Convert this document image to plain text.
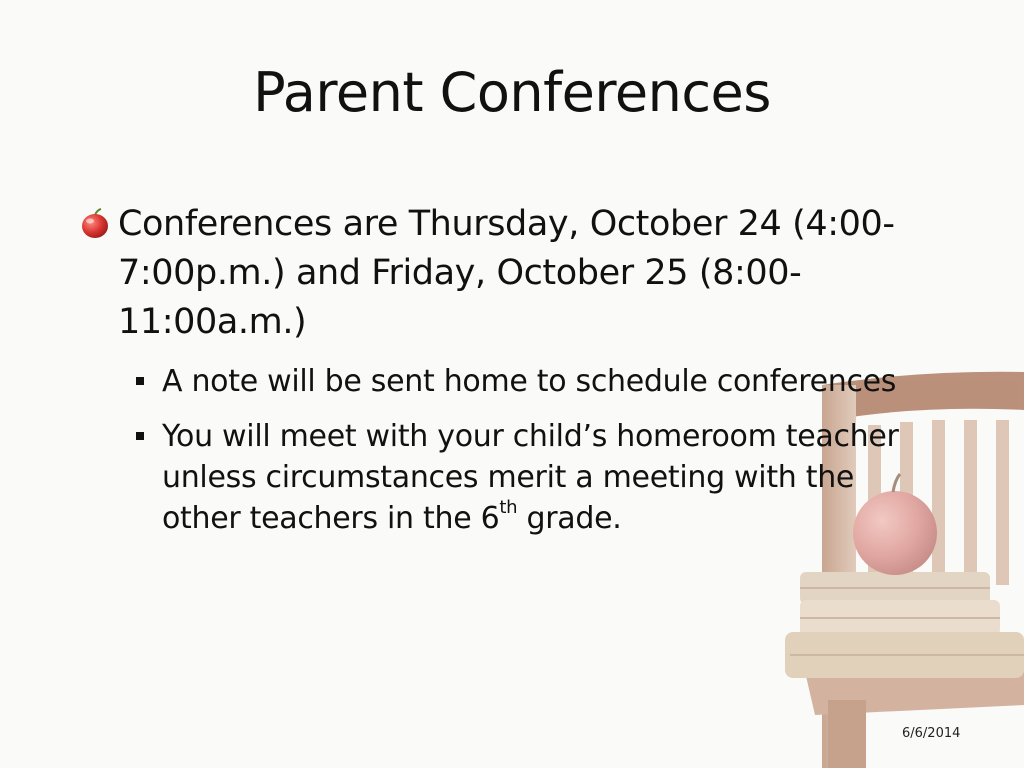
Parent Conferences

Conferences are Thursday, October 24 (4:00-7:00p.m.) and Friday, October 25 (8:00-11:00a.m.)

A note will be sent home to schedule conferences
You will meet with your child’s homeroom teacher unless circumstances merit a meeting with the other teachers in the 6th grade.
6/6/2014
